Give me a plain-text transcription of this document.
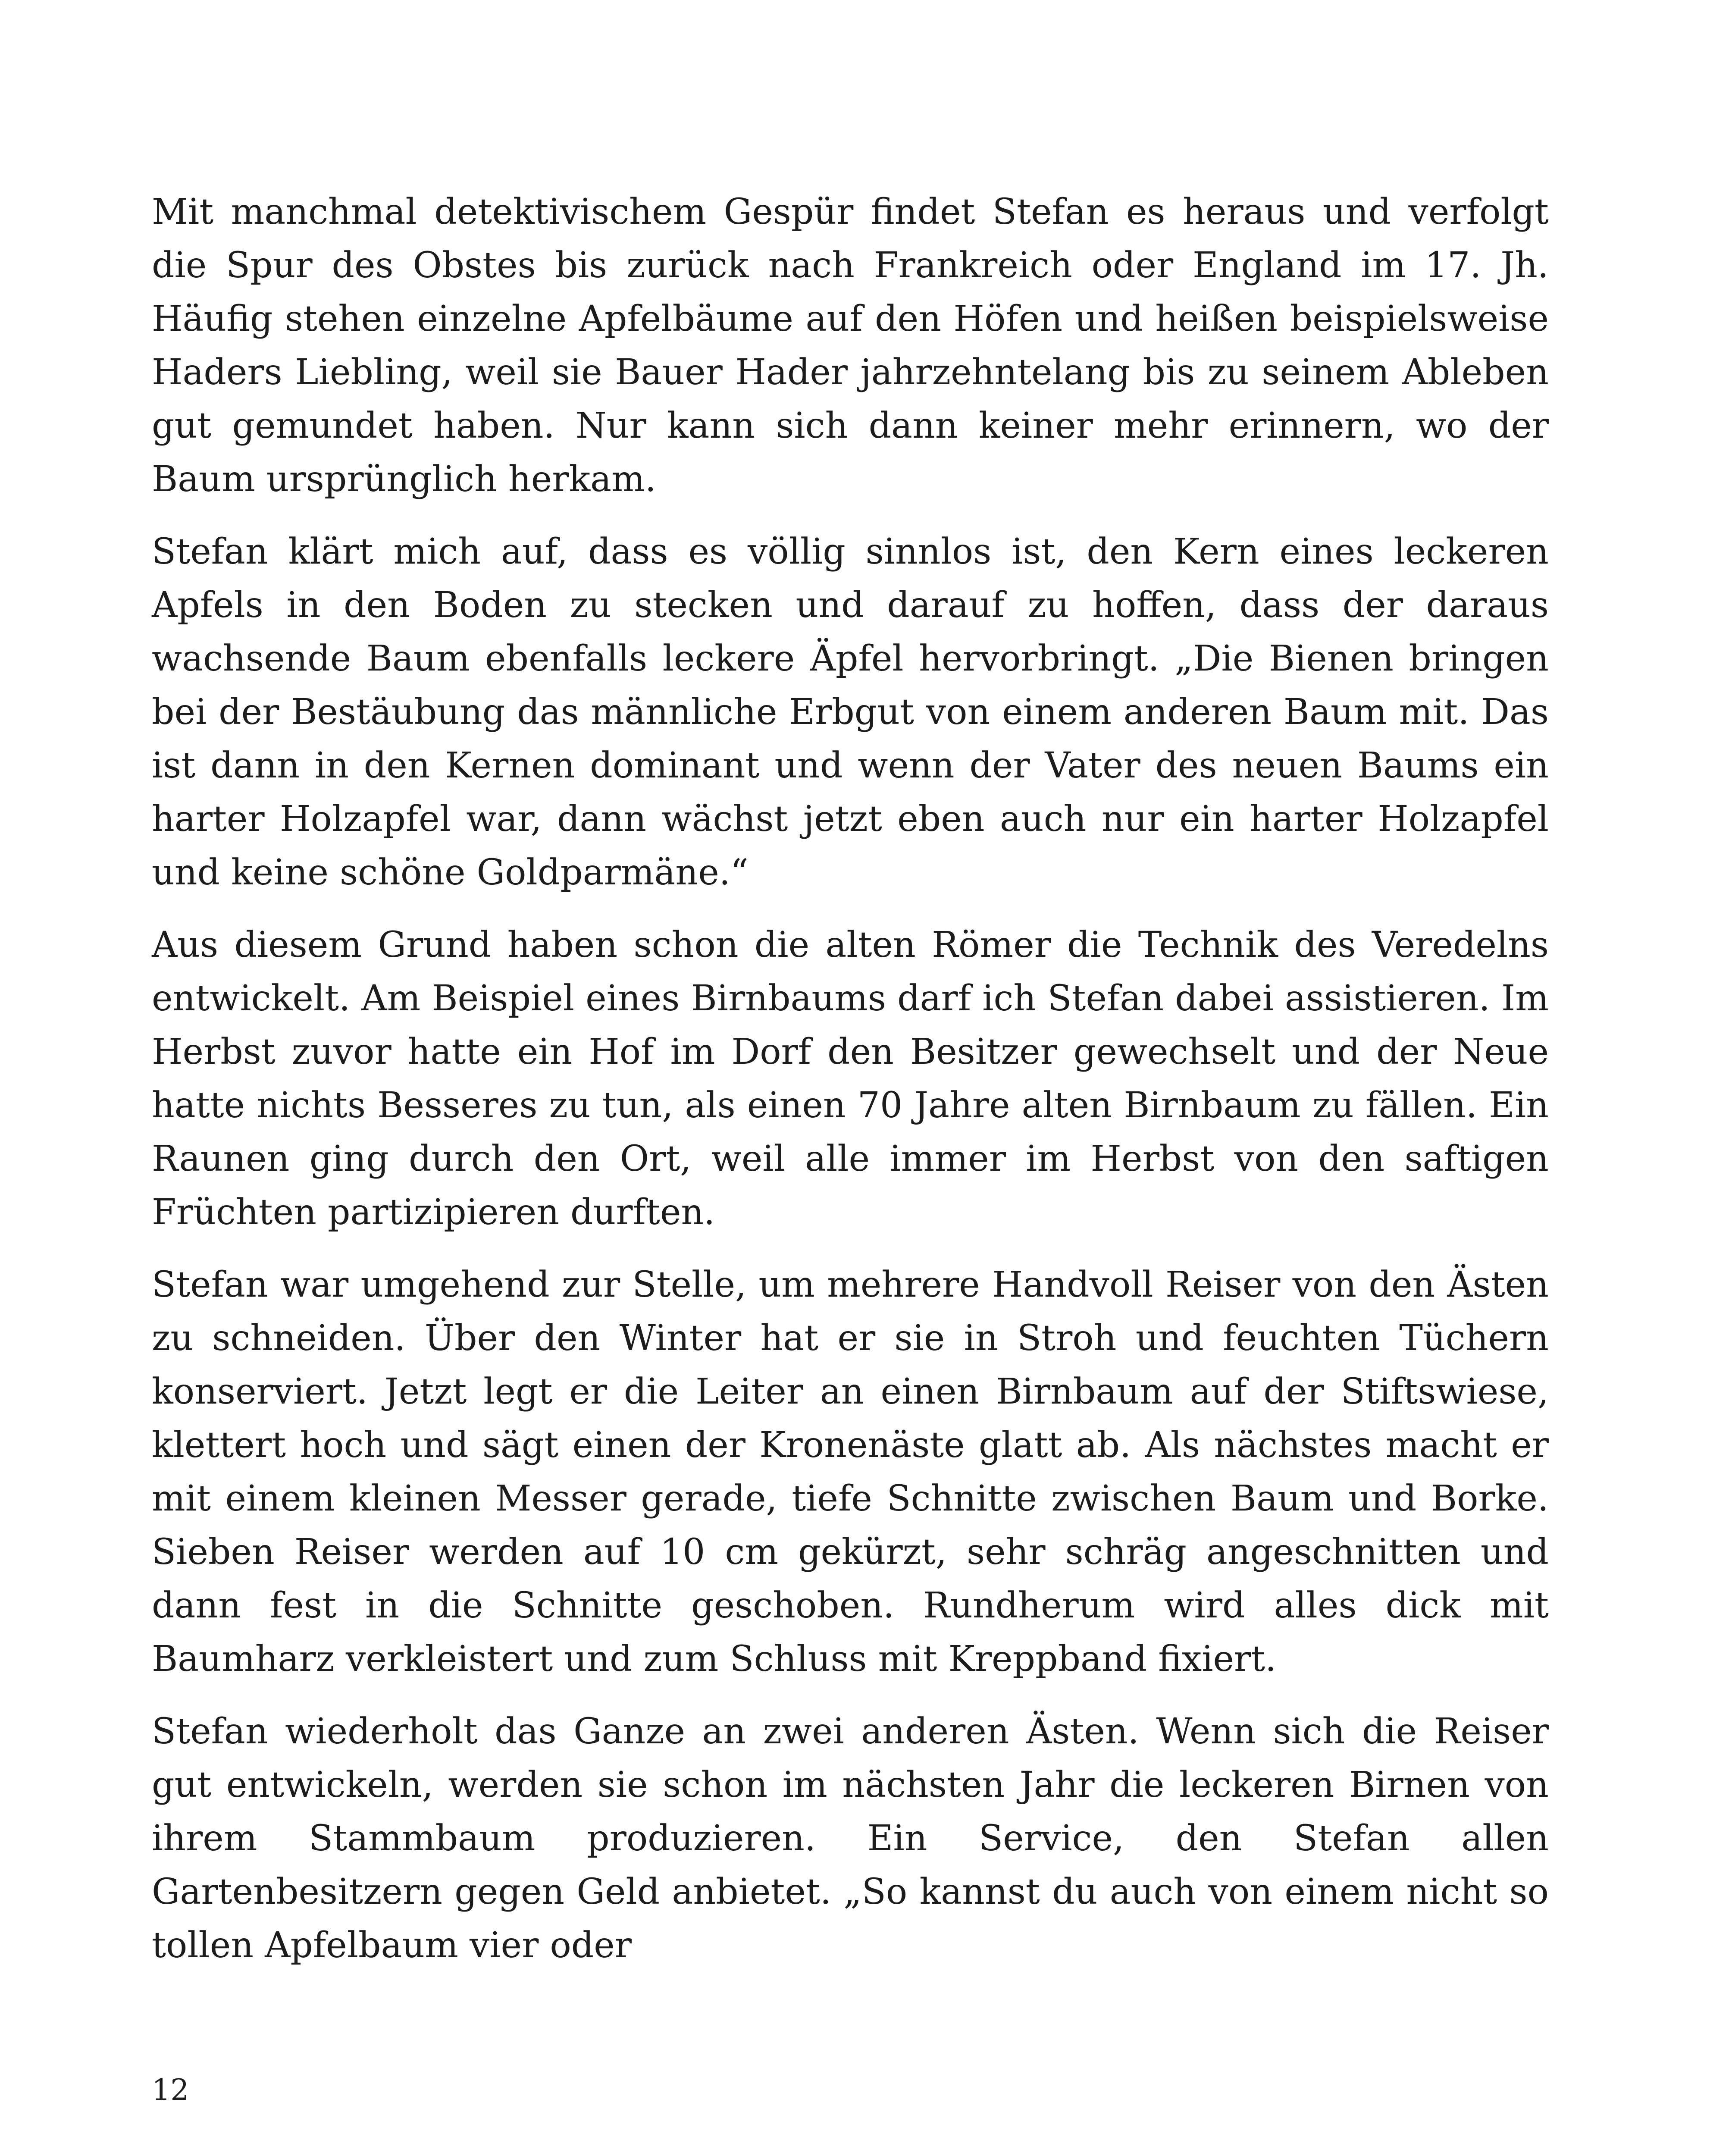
Mit manchmal detektivischem Gespür findet Stefan es heraus und verfolgt die Spur des Obstes bis zurück nach Frankreich oder England im 17. Jh. Häufig stehen einzelne Apfelbäume auf den Höfen und heißen beispielsweise Haders Liebling, weil sie Bauer Hader jahrzehntelang bis zu seinem Ableben gut gemundet haben. Nur kann sich dann keiner mehr erinnern, wo der Baum ursprünglich herkam.

Stefan klärt mich auf, dass es völlig sinnlos ist, den Kern eines leckeren Apfels in den Boden zu stecken und darauf zu hoffen, dass der daraus wachsende Baum ebenfalls leckere Äpfel hervorbringt. „Die Bienen bringen bei der Bestäubung das männliche Erbgut von einem anderen Baum mit. Das ist dann in den Kernen dominant und wenn der Vater des neuen Baums ein harter Holzapfel war, dann wächst jetzt eben auch nur ein harter Holzapfel und keine schöne Goldparmäne.“

Aus diesem Grund haben schon die alten Römer die Technik des Veredelns entwickelt. Am Beispiel eines Birnbaums darf ich Stefan dabei assistieren. Im Herbst zuvor hatte ein Hof im Dorf den Besitzer gewechselt und der Neue hatte nichts Besseres zu tun, als einen 70 Jahre alten Birnbaum zu fällen. Ein Raunen ging durch den Ort, weil alle immer im Herbst von den saftigen Früchten partizipieren durften.

Stefan war umgehend zur Stelle, um mehrere Handvoll Reiser von den Ästen zu schneiden. Über den Winter hat er sie in Stroh und feuchten Tüchern konserviert. Jetzt legt er die Leiter an einen Birnbaum auf der Stiftswiese, klettert hoch und sägt einen der Kronenäste glatt ab. Als nächstes macht er mit einem kleinen Messer gerade, tiefe Schnitte zwischen Baum und Borke. Sieben Reiser werden auf 10 cm gekürzt, sehr schräg angeschnitten und dann fest in die Schnitte geschoben. Rundherum wird alles dick mit Baumharz verkleistert und zum Schluss mit Kreppband fixiert.

Stefan wiederholt das Ganze an zwei anderen Ästen. Wenn sich die Reiser gut entwickeln, werden sie schon im nächsten Jahr die leckeren Birnen von ihrem Stammbaum produzieren. Ein Service, den Stefan allen Gartenbesitzern gegen Geld anbietet. „So kannst du auch von einem nicht so tollen Apfelbaum vier oder

12
